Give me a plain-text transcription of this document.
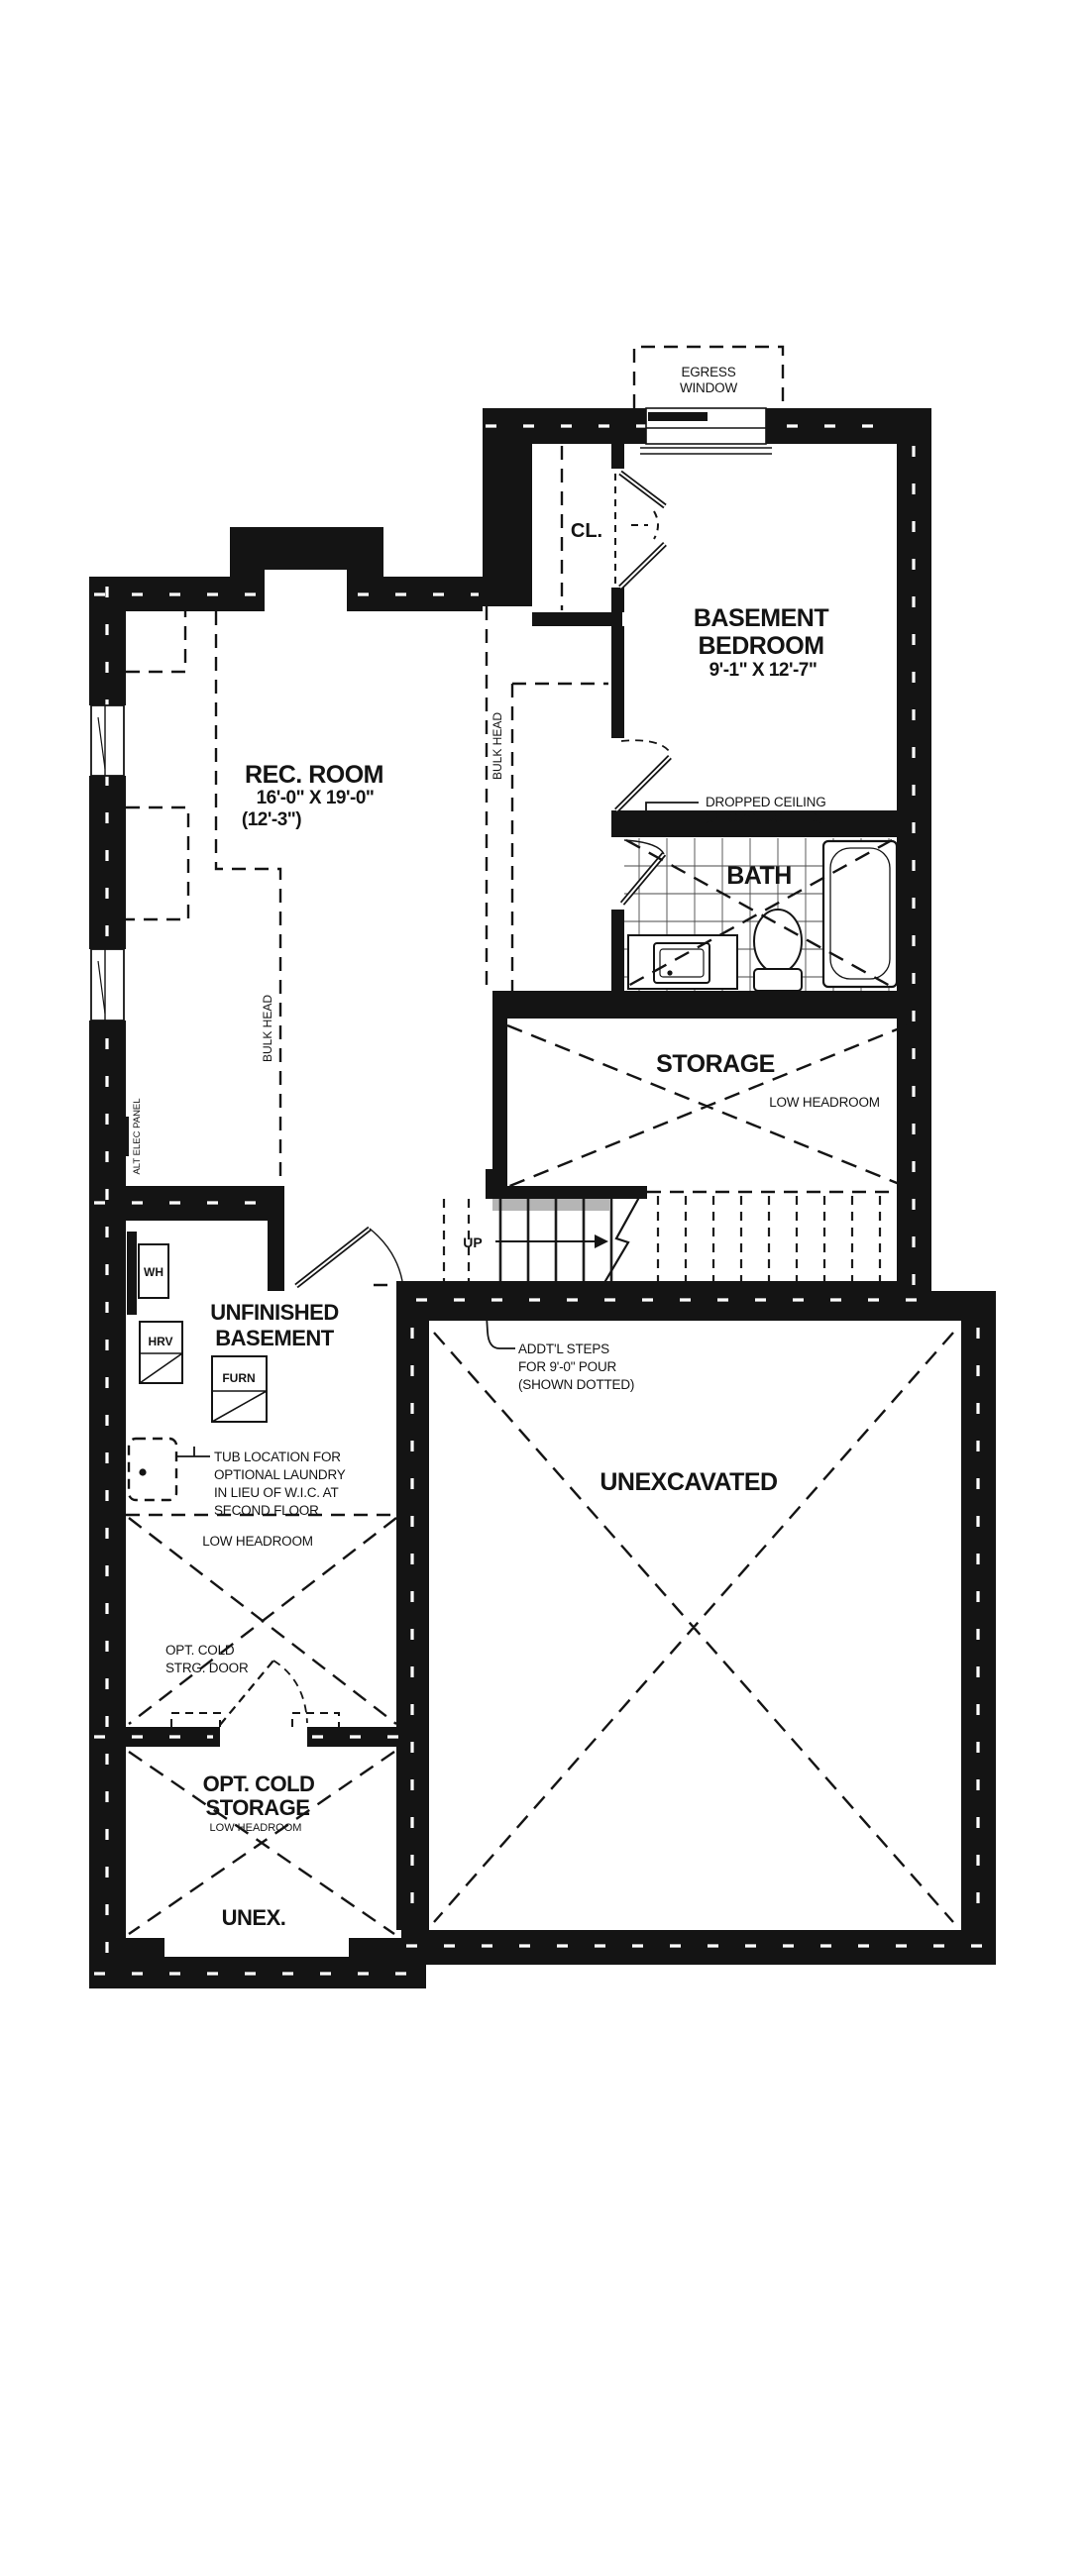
WH
HRV
FURN
EGRESS
WINDOW
CL.
BASEMENT
BEDROOM
9'-1" X 12'-7"
REC. ROOM
16'-0" X 19'-0"
(12'-3")
DROPPED CEILING
(SHOWN DOTTED)
BATH
STORAGE
LOW HEADROOM
BULK HEAD
BULK HEAD
ALT ELEC PANEL
UP
UNFINISHED
BASEMENT	ADDT'L STEPS
FOR 9'-0" POUR
(SHOWN DOTTED)
UNEXCAVATED
TUB LOCATION FOR
OPTIONAL LAUNDRY
IN LIEU OF W.I.C. AT
SECOND FLOOR
LOW HEADROOM
OPT. COLD
STRG. DOOR
OPT. COLD
STORAGE
LOW HEADROOM
UNEX.
